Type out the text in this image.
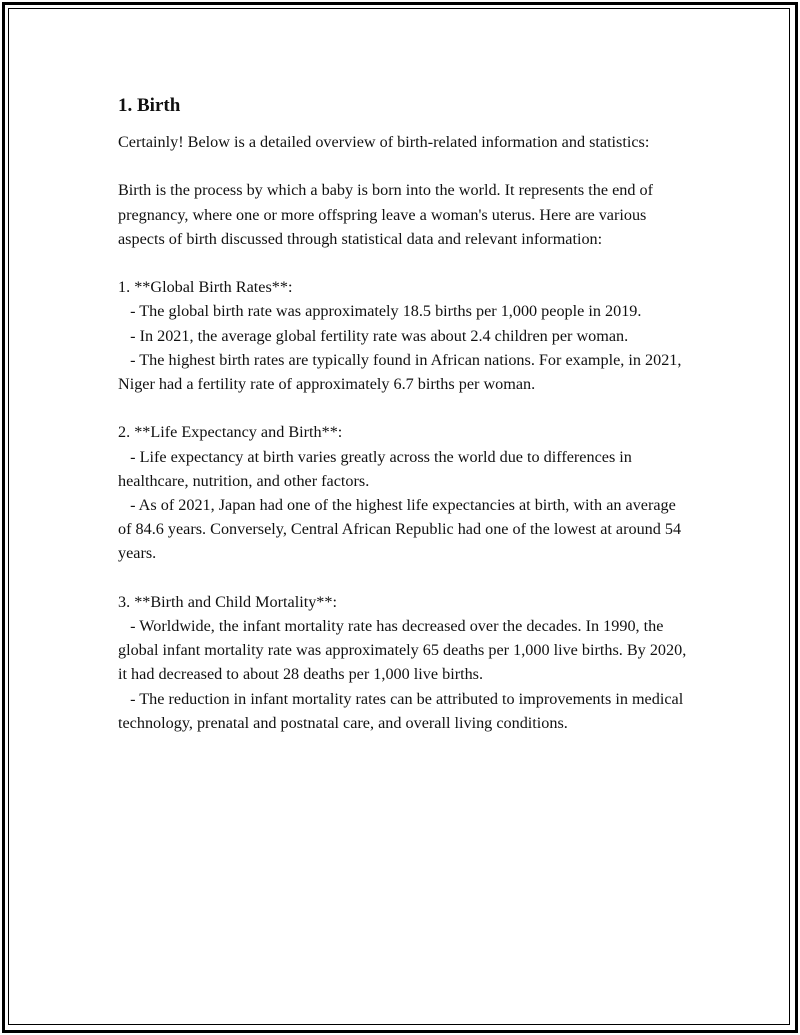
1. Birth

Certainly! Below is a detailed overview of birth-related information and statistics:

Birth is the process by which a baby is born into the world. It represents the end of pregnancy, where one or more offspring leave a woman's uterus. Here are various aspects of birth discussed through statistical data and relevant information:

1. **Global Birth Rates**:

- The global birth rate was approximately 18.5 births per 1,000 people in 2019.

- In 2021, the average global fertility rate was about 2.4 children per woman.

- The highest birth rates are typically found in African nations. For example, in 2021, Niger had a fertility rate of approximately 6.7 births per woman.

2. **Life Expectancy and Birth**:

- Life expectancy at birth varies greatly across the world due to differences in healthcare, nutrition, and other factors.

- As of 2021, Japan had one of the highest life expectancies at birth, with an average of 84.6 years. Conversely, Central African Republic had one of the lowest at around 54 years.

3. **Birth and Child Mortality**:

- Worldwide, the infant mortality rate has decreased over the decades. In 1990, the global infant mortality rate was approximately 65 deaths per 1,000 live births. By 2020, it had decreased to about 28 deaths per 1,000 live births.

- The reduction in infant mortality rates can be attributed to improvements in medical technology, prenatal and postnatal care, and overall living conditions.
